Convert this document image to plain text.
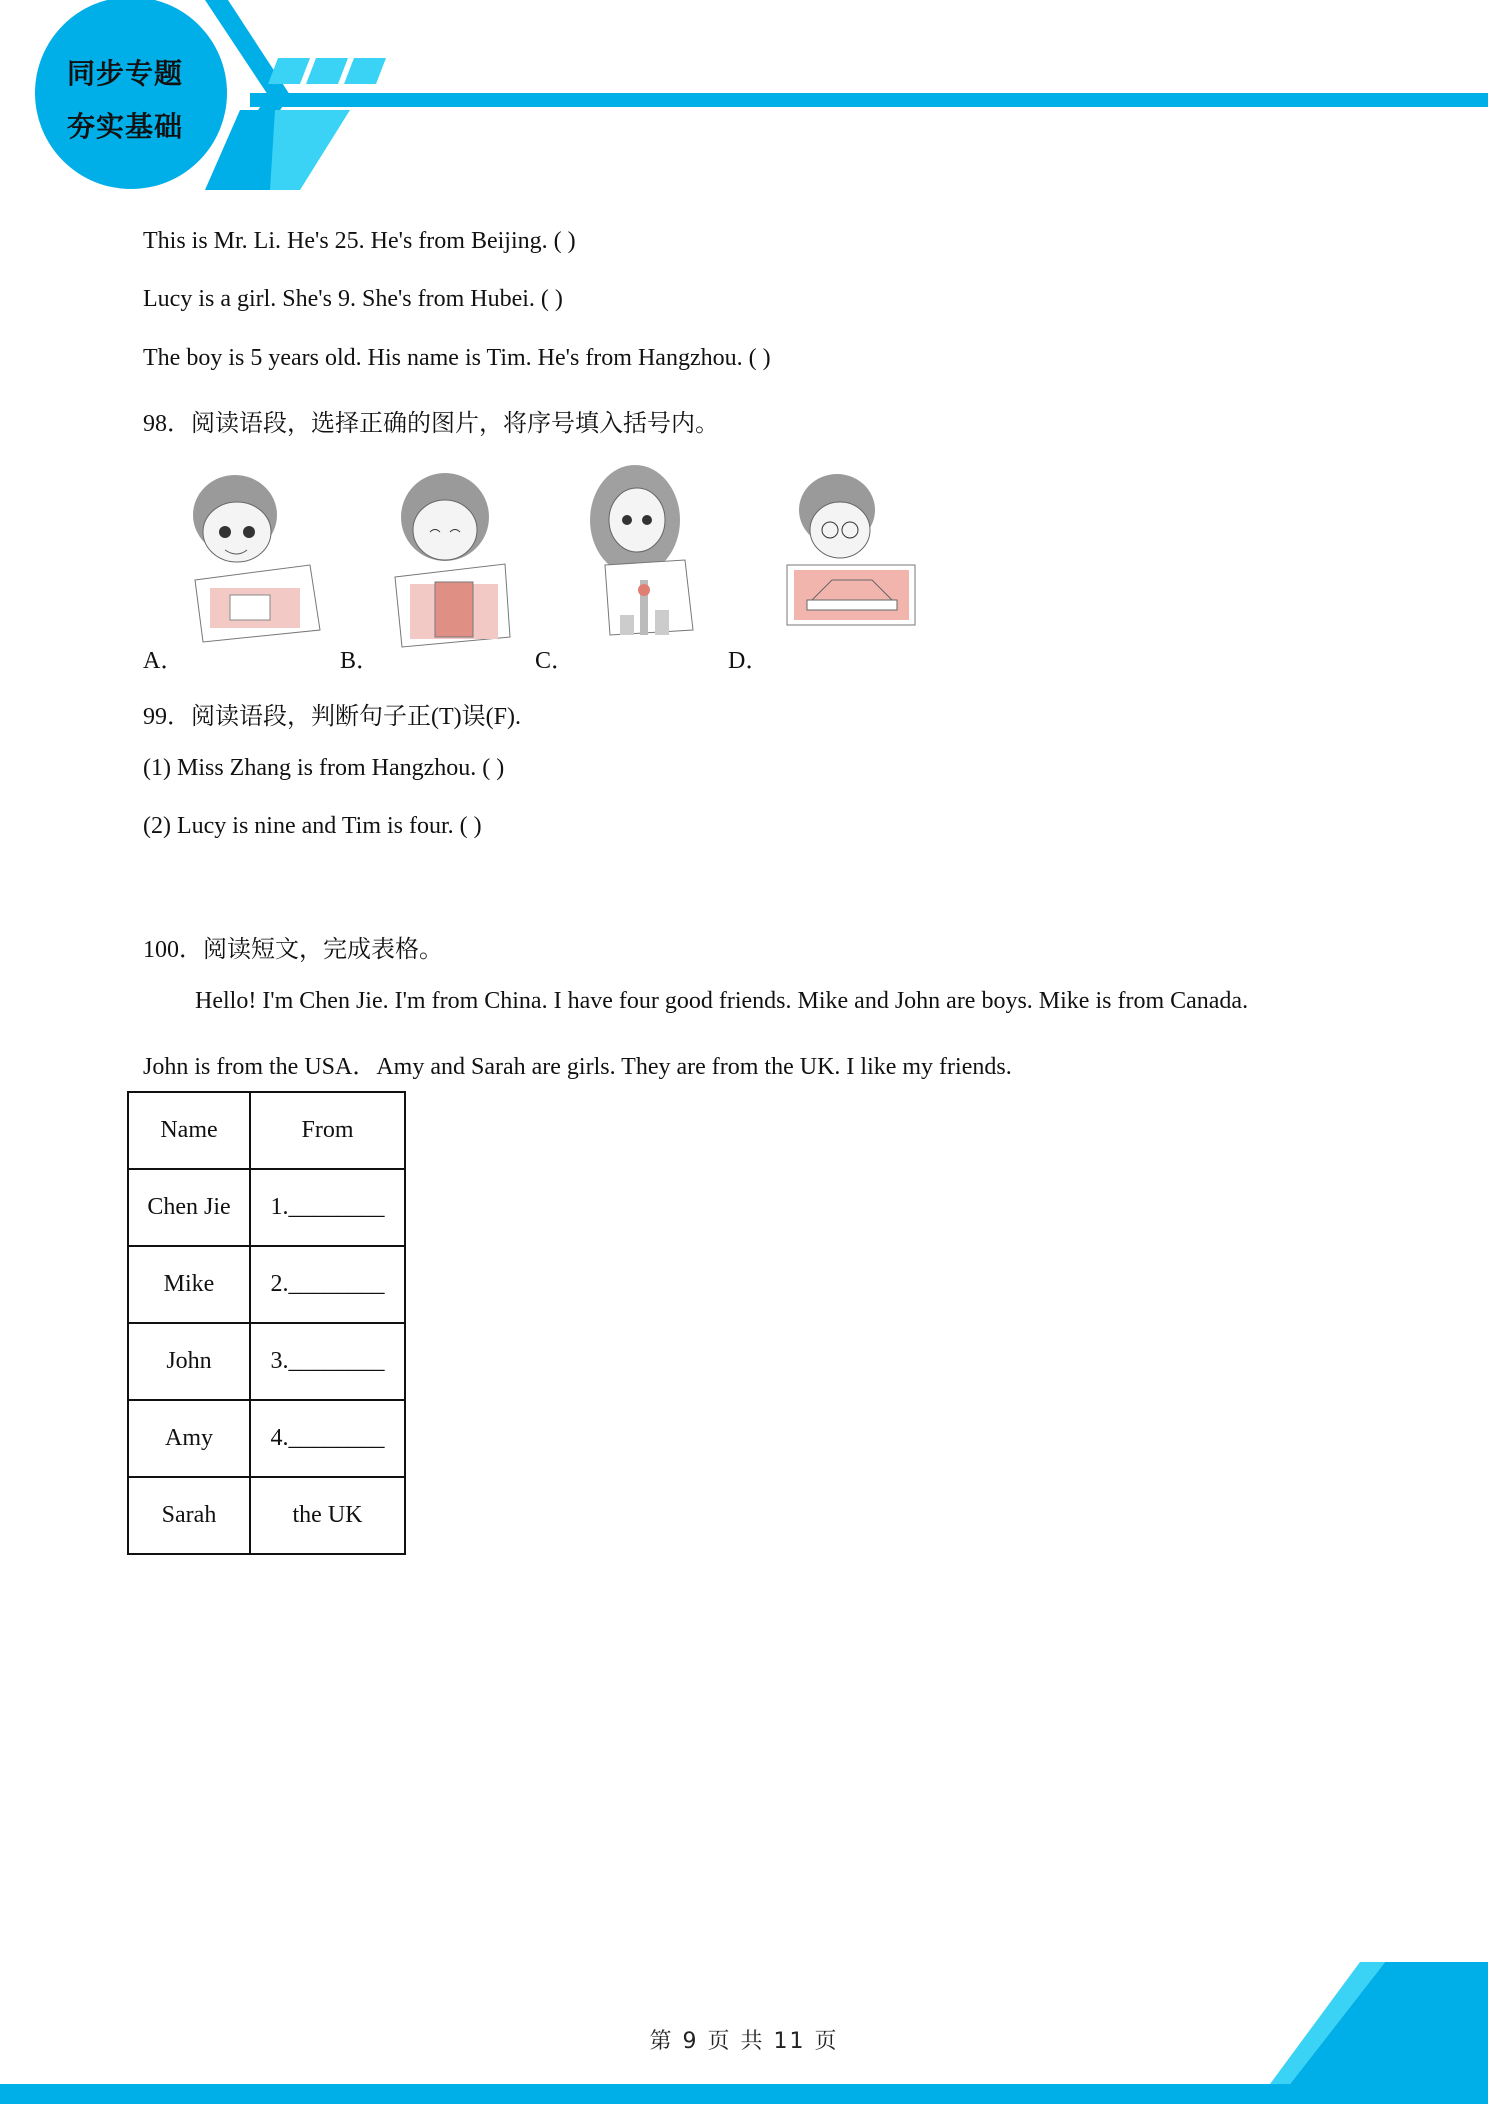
同步专题
夯实基础
This is Mr. Li. He's 25. He's from Beijing. ( )
Lucy is a girl. She's 9. She's from Hubei. ( )
The boy is 5 years old. His name is Tim. He's from Hangzhou. ( )
98．阅读语段，选择正确的图片，将序号填入括号内。
A．	B．	C．	D．
99．阅读语段，判断句子正(T)误(F).
(1) Miss Zhang is from Hangzhou. ( )
(2) Lucy is nine and Tim is four. ( )
100．阅读短文，完成表格。
Hello! I'm Chen Jie. I'm from China. I have four good friends. Mike and John are boys. Mike is from Canada.
John is from the USA．Amy and Sarah are girls. They are from the UK. I like my friends.
Name	From
Chen Jie	1.________
Mike	2.________
John	3.________
Amy	4.________
Sarah	the UK
第 9 页 共 11 页
